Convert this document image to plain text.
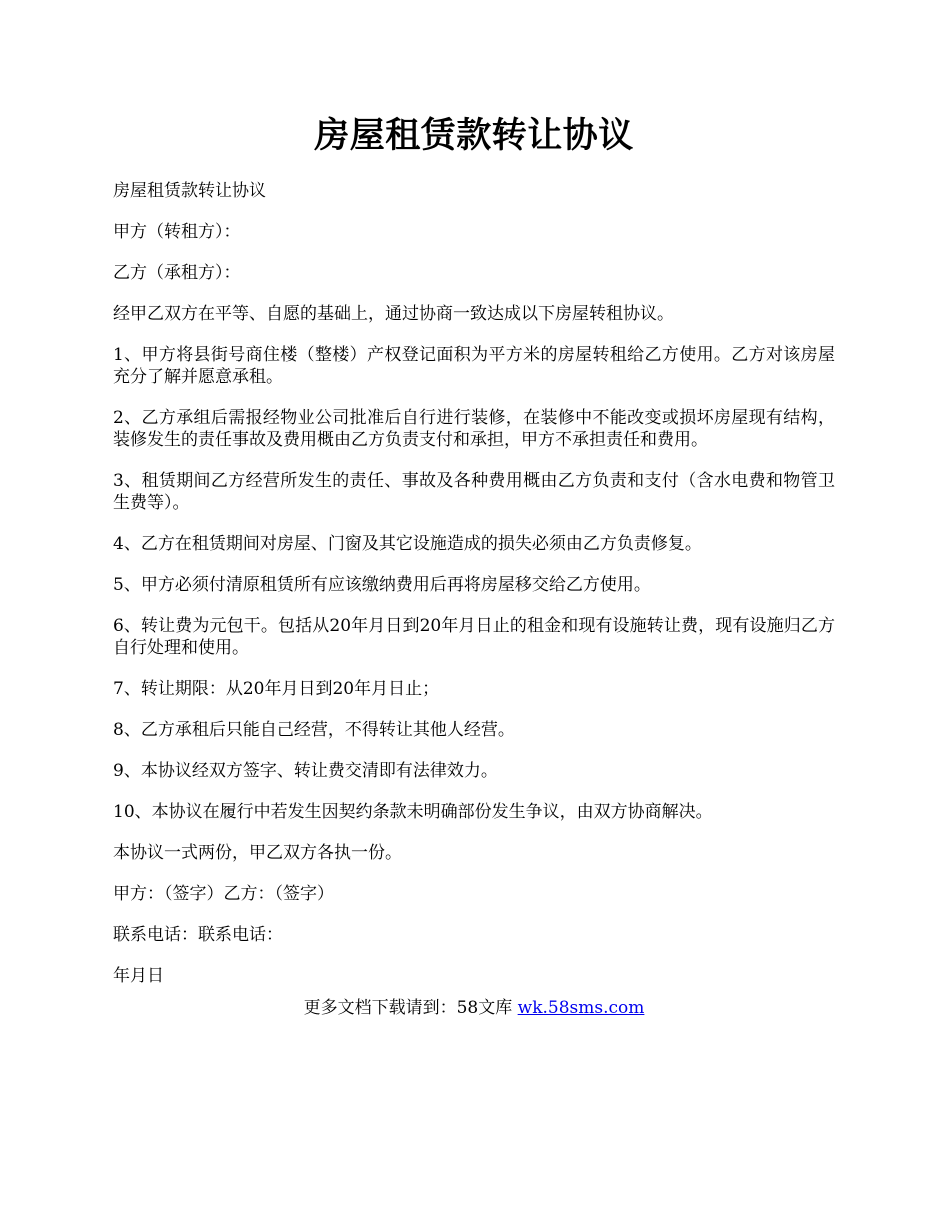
房屋租赁款转让协议

房屋租赁款转让协议

甲方（转租方）：

乙方（承租方）：

经甲乙双方在平等、自愿的基础上，通过协商一致达成以下房屋转租协议。

1、甲方将县街号商住楼（整楼）产权登记面积为平方米的房屋转租给乙方使用。乙方对该房屋充分了解并愿意承租。

2、乙方承组后需报经物业公司批准后自行进行装修，在装修中不能改变或损坏房屋现有结构，装修发生的责任事故及费用概由乙方负责支付和承担，甲方不承担责任和费用。

3、租赁期间乙方经营所发生的责任、事故及各种费用概由乙方负责和支付（含水电费和物管卫生费等）。

4、乙方在租赁期间对房屋、门窗及其它设施造成的损失必须由乙方负责修复。

5、甲方必须付清原租赁所有应该缴纳费用后再将房屋移交给乙方使用。

6、转让费为元包干。包括从20年月日到20年月日止的租金和现有设施转让费，现有设施归乙方自行处理和使用。

7、转让期限：从20年月日到20年月日止；

8、乙方承租后只能自己经营，不得转让其他人经营。

9、本协议经双方签字、转让费交清即有法律效力。

10、本协议在履行中若发生因契约条款未明确部份发生争议，由双方协商解决。

本协议一式两份，甲乙双方各执一份。

甲方：（签字）乙方：（签字）

联系电话：联系电话：

年月日

更多文档下载请到：58文库 wk.58sms.com
